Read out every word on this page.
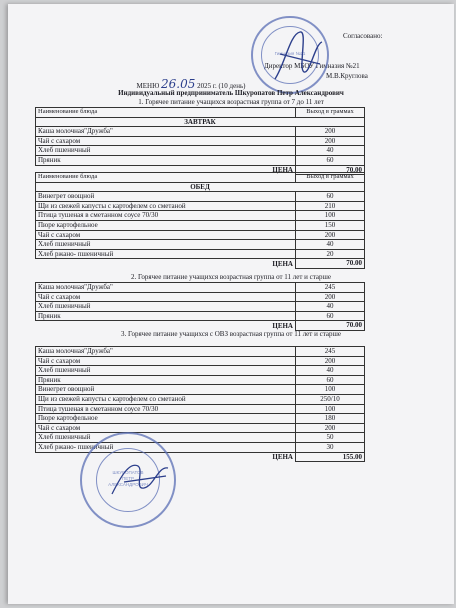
Согласовано:
Директор МБОУ Гимназия №21
М.В.Круглова
Гимназия №21
МЕНЮ 26.05 2025 г. (10 день)
Индивидуальный предприниматель Шкуропатов Петр Александрович
1. Горячее питание учащихся возрастная группа от 7 до 11 лет
Наименование блюда	Выход в граммах
ЗАВТРАК	
Каша молочная"Дружба"	200
Чай с сахаром	200
Хлеб пшеничный	40
Пряник	60
ЦЕНА	70.00
Наименование блюда	Выход в граммах
ОБЕД	
Винегрет овощной	60
Щи из свежей капусты с картофелем со сметаной	210
Птица тушеная в сметанном соусе 70/30	100
Пюре картофельное	150
Чай с сахаром	200
Хлеб пшеничный	40
Хлеб ржано- пшеничный	20
ЦЕНА	70.00
2. Горячее питание учащихся возрастная группа от 11 лет и старше
Каша молочная"Дружба"	245
Чай с сахаром	200
Хлеб пшеничный	40
Пряник	60
ЦЕНА	70.00
3. Горячее питание учащихся с ОВЗ возрастная группа от 11 лет и старше
Каша молочная"Дружба"	245
Чай с сахаром	200
Хлеб пшеничный	40
Пряник	60
Винегрет овощной	100
Щи из свежей капусты с картофелем со сметаной	250/10
Птица тушеная в сметанном соусе 70/30	100
Пюре картофельное	180
Чай с сахаром	200
Хлеб пшеничный	50
Хлеб ржано- пшеничный	30
ЦЕНА	155.00
ШКУРОПАТОВ
ПЕТР
АЛЕКСАНДРОВИЧ
